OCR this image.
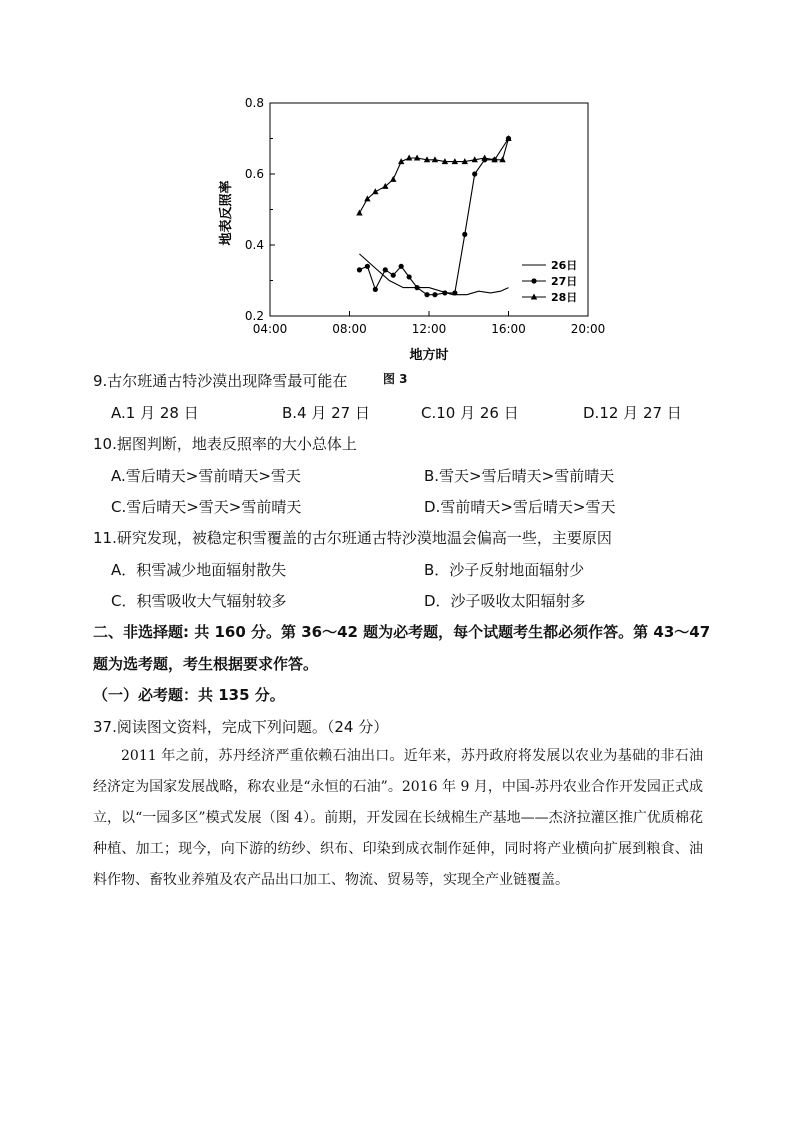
04:00	08:00	12:00	16:00	20:00
0.2
0.4
0.6
0.8
26日
27日
28日
地表反照率
地方时
9.古尔班通古特沙漠出现降雪最可能在	图 3
A.1 月 28 日	B.4 月 27 日	C.10 月 26 日	D.12 月 27 日
10.据图判断，地表反照率的大小总体上
A.雪后晴天>雪前晴天>雪天	B.雪天>雪后晴天>雪前晴天
C.雪后晴天>雪天>雪前晴天	D.雪前晴天>雪后晴天>雪天
11.研究发现，被稳定积雪覆盖的古尔班通古特沙漠地温会偏高一些，主要原因
A．积雪减少地面辐射散失	B．沙子反射地面辐射少
C．积雪吸收大气辐射较多	D．沙子吸收太阳辐射多
二、非选择题: 共 160 分。第 36～42 题为必考题，每个试题考生都必须作答。第 43～47
题为选考题，考生根据要求作答。
（一）必考题：共 135 分。
37.阅读图文资料，完成下列问题。（24 分）

2011 年之前，苏丹经济严重依赖石油出口。近年来，苏丹政府将发展以农业为基础的非石油经济定为国家发展战略，称农业是“永恒的石油”。2016 年 9 月，中国-苏丹农业合作开发园正式成立，以“一园多区”模式发展（图 4）。前期，开发园在长绒棉生产基地——杰济拉灌区推广优质棉花种植、加工；现今，向下游的纺纱、织布、印染到成衣制作延伸，同时将产业横向扩展到粮食、油料作物、畜牧业养殖及农产品出口加工、物流、贸易等，实现全产业链覆盖。
